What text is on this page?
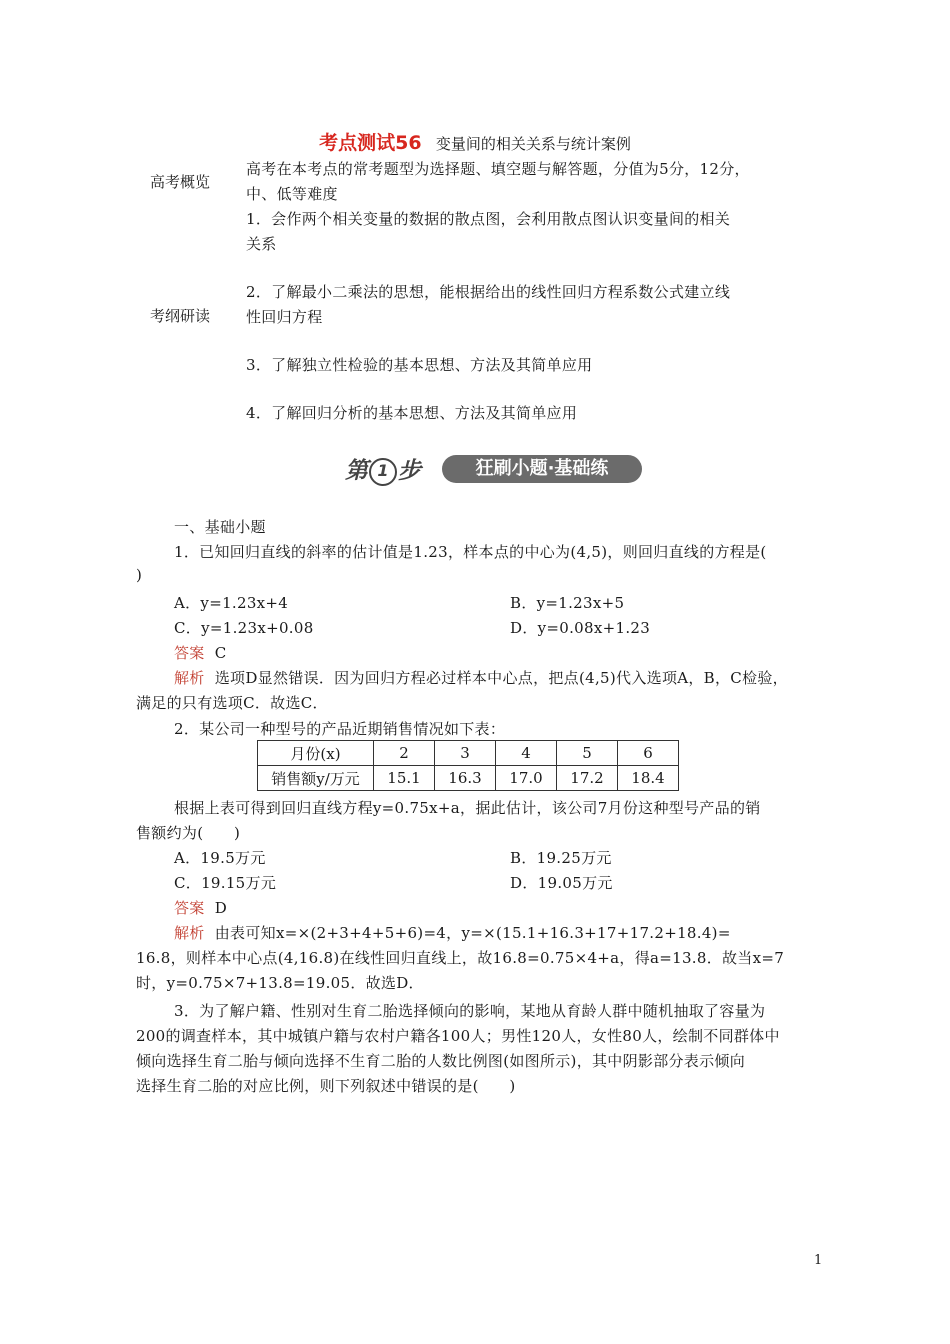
考点测试56 变量间的相关关系与统计案例
高考概览
高考在本考点的常考题型为选择题、填空题与解答题，分值为5分，12分，
中、低等难度
考纲研读
1．会作两个相关变量的数据的散点图，会利用散点图认识变量间的相关
关系
2．了解最小二乘法的思想，能根据给出的线性回归方程系数公式建立线
性回归方程
3．了解独立性检验的基本思想、方法及其简单应用
4．了解回归分析的基本思想、方法及其简单应用
第 1 步	狂刷小题·基础练
一、基础小题
1．已知回归直线的斜率的估计值是1.23，样本点的中心为(4,5)，则回归直线的方程是(
)
A．y=1.23x+4	B．y=1.23x+5
C．y=1.23x+0.08	D．y=0.08x+1.23
答案 C
解析 选项D显然错误．因为回归方程必过样本中心点，把点(4,5)代入选项A，B，C检验，
满足的只有选项C．故选C．
2．某公司一种型号的产品近期销售情况如下表：
月份(x)	2	3	4	5	6
销售额y/万元	15.1	16.3	17.0	17.2	18.4
根据上表可得到回归直线方程y=0.75x+a，据此估计，该公司7月份这种型号产品的销
售额约为(　　)
A．19.5万元	B．19.25万元
C．19.15万元	D．19.05万元
答案 D
解析 由表可知x=×(2+3+4+5+6)=4，y=×(15.1+16.3+17+17.2+18.4)=
16.8，则样本中心点(4,16.8)在线性回归直线上，故16.8=0.75×4+a，得a=13.8．故当x=7
时，y=0.75×7+13.8=19.05．故选D．
3．为了解户籍、性别对生育二胎选择倾向的影响，某地从育龄人群中随机抽取了容量为
200的调查样本，其中城镇户籍与农村户籍各100人；男性120人，女性80人，绘制不同群体中
倾向选择生育二胎与倾向选择不生育二胎的人数比例图(如图所示)，其中阴影部分表示倾向
选择生育二胎的对应比例，则下列叙述中错误的是(　　)
1
